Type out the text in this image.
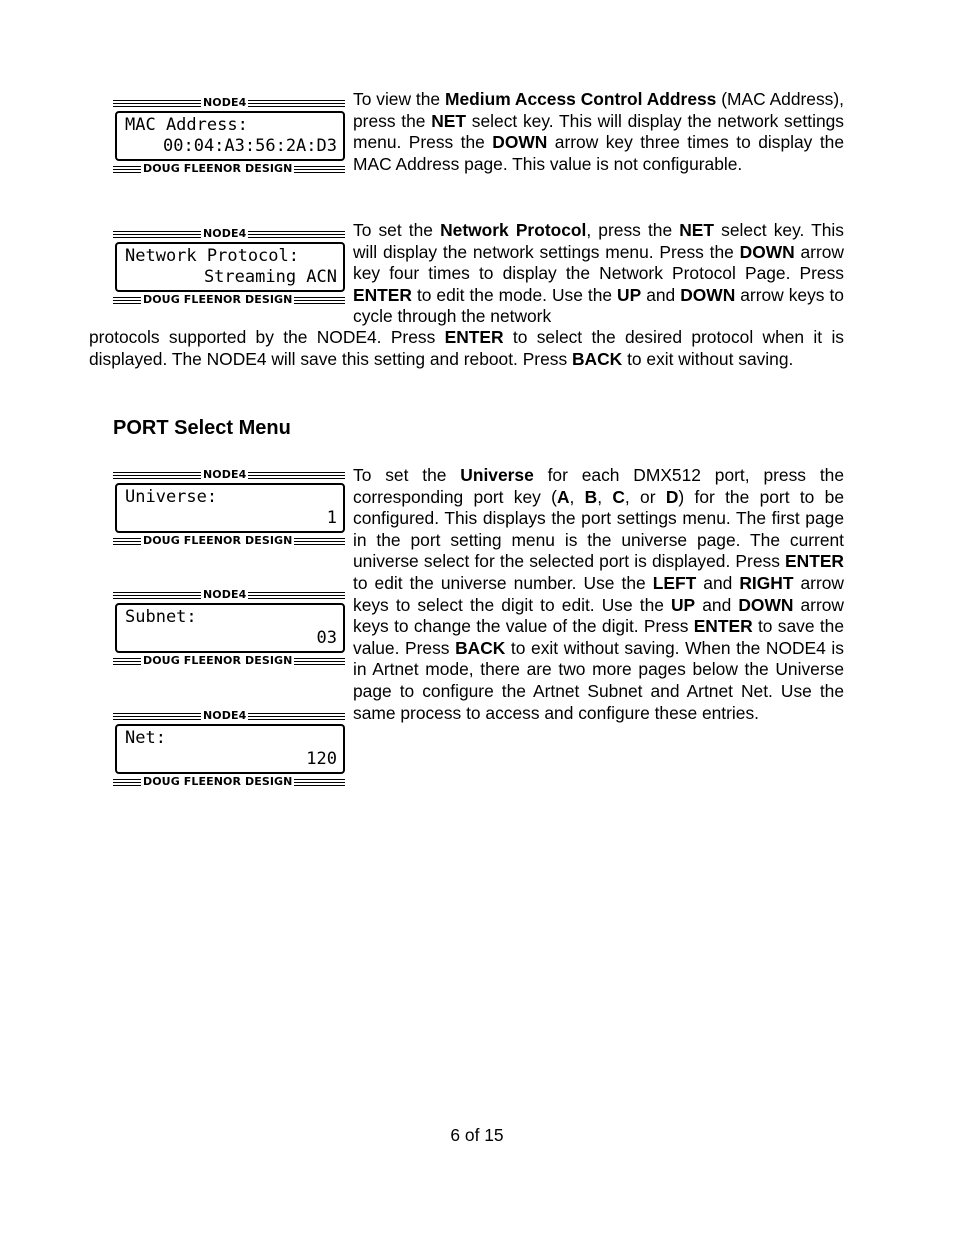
NODE4
MAC Address:
00:04:A3:56:2A:D3
DOUG FLEENOR DESIGN

To view the Medium Access Control Address (MAC Address), press the NET select key. This will display the network settings menu. Press the DOWN arrow key three times to display the MAC Address page. This value is not configurable.

NODE4
Network Protocol:
Streaming ACN
DOUG FLEENOR DESIGN

To set the Network Protocol, press the NET select key. This will display the network settings menu. Press the DOWN arrow key four times to display the Network Protocol Page. Press ENTER to edit the mode. Use the UP and DOWN arrow keys to cycle through the network

protocols supported by the NODE4. Press ENTER to select the desired protocol when it is displayed. The NODE4 will save this setting and reboot. Press BACK to exit without saving.

PORT Select Menu
NODE4
Universe:
1
DOUG FLEENOR DESIGN
NODE4
Subnet:
03
DOUG FLEENOR DESIGN
NODE4
Net:
120
DOUG FLEENOR DESIGN

To set the Universe for each DMX512 port, press the corresponding port key (A, B, C, or D) for the port to be configured. This displays the port settings menu. The first page in the port setting menu is the universe page. The current universe select for the selected port is displayed. Press ENTER to edit the universe number. Use the LEFT and RIGHT arrow keys to select the digit to edit. Use the UP and DOWN arrow keys to change the value of the digit. Press ENTER to save the value. Press BACK to exit without saving. When the NODE4 is in Artnet mode, there are two more pages below the Universe page to configure the Artnet Subnet and Artnet Net. Use the same process to access and configure these entries.

6 of 15
